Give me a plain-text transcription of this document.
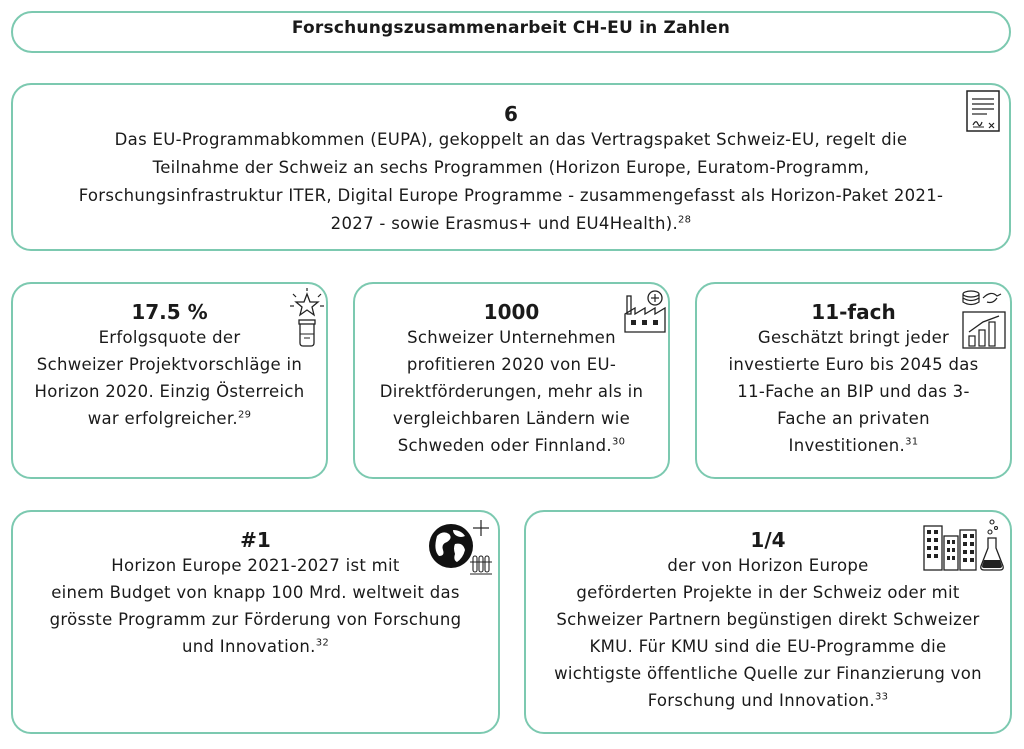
Forschungszusammenarbeit CH-EU in Zahlen
6
Das EU-Programmabkommen (EUPA), gekoppelt an das Vertragspaket Schweiz-EU, regelt die
Teilnahme der Schweiz an sechs Programmen (Horizon Europe, Euratom-Programm,
Forschungsinfrastruktur ITER, Digital Europe Programme - zusammengefasst als Horizon-Paket 2021-
2027 - sowie Erasmus+ und EU4Health).$^{28}$
17.5 %
Erfolgsquote der
Schweizer Projektvorschläge in
Horizon 2020. Einzig Österreich
war erfolgreicher.$^{29}$
1000
Schweizer Unternehmen
profitieren 2020 von EU-
Direktförderungen, mehr als in
vergleichbaren Ländern wie
Schweden oder Finnland.$^{30}$
11-fach
Geschätzt bringt jeder
investierte Euro bis 2045 das
11-Fache an BIP und das 3-
Fache an privaten
Investitionen.$^{31}$
#1
Horizon Europe 2021-2027 ist mit
einem Budget von knapp 100 Mrd. weltweit das
grösste Programm zur Förderung von Forschung
und Innovation.$^{32}$
1/4
der von Horizon Europe
geförderten Projekte in der Schweiz oder mit
Schweizer Partnern begünstigen direkt Schweizer
KMU. Für KMU sind die EU-Programme die
wichtigste öffentliche Quelle zur Finanzierung von
Forschung und Innovation.$^{33}$
